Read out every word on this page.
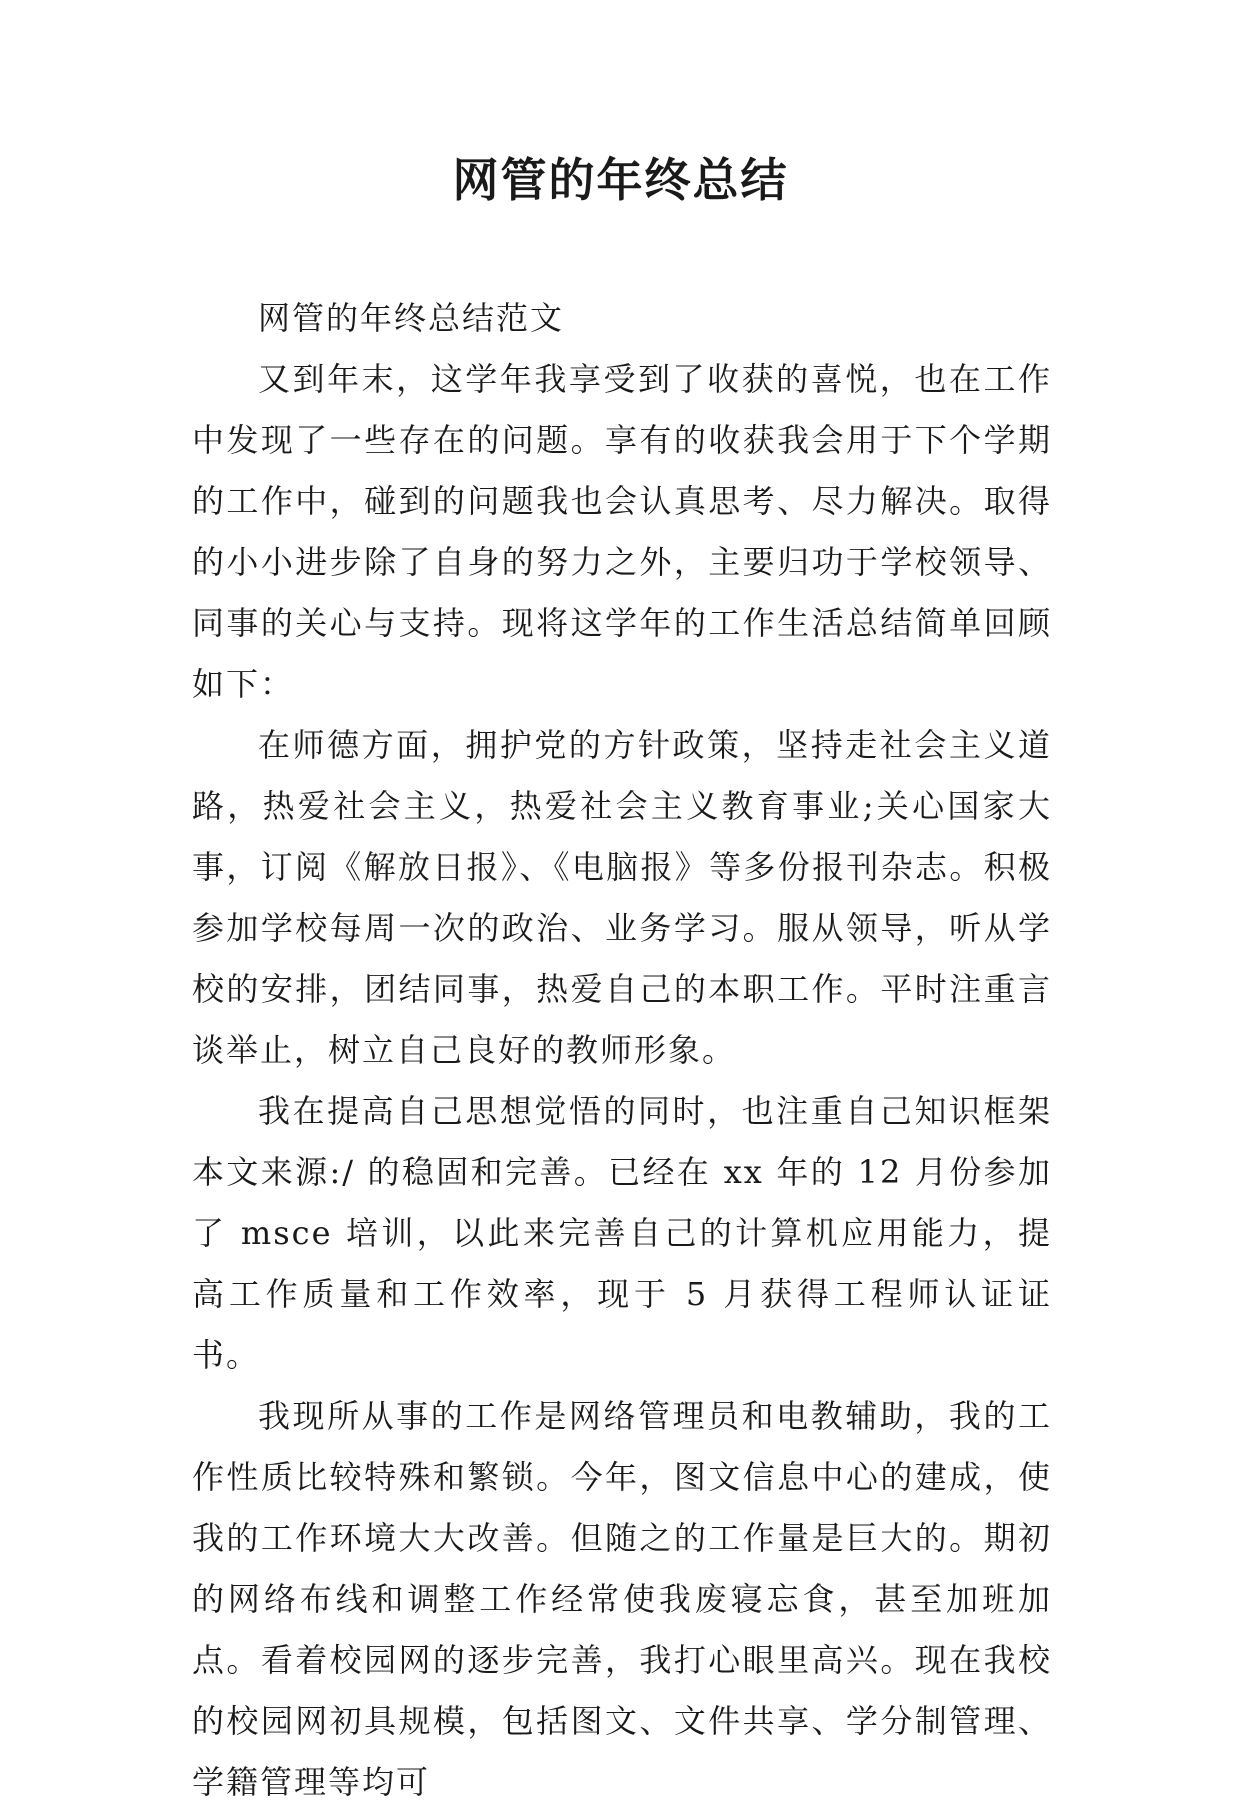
网管的年终总结

网管的年终总结范文

又到年末，这学年我享受到了收获的喜悦，也在工作中发现了一些存在的问题。享有的收获我会用于下个学期的工作中，碰到的问题我也会认真思考、尽力解决。取得的小小进步除了自身的努力之外，主要归功于学校领导、同事的关心与支持。现将这学年的工作生活总结简单回顾如下：

在师德方面，拥护党的方针政策，坚持走社会主义道路，热爱社会主义，热爱社会主义教育事业;关心国家大事，订阅《解放日报》、《电脑报》等多份报刊杂志。积极参加学校每周一次的政治、业务学习。服从领导，听从学校的安排，团结同事，热爱自己的本职工作。平时注重言谈举止，树立自己良好的教师形象。

我在提高自己思想觉悟的同时，也注重自己知识框架本文来源:/ 的稳固和完善。已经在 xx 年的 12 月份参加了 msce 培训，以此来完善自己的计算机应用能力，提高工作质量和工作效率，现于 5 月获得工程师认证证书。

我现所从事的工作是网络管理员和电教辅助，我的工作性质比较特殊和繁锁。今年，图文信息中心的建成，使我的工作环境大大改善。但随之的工作量是巨大的。期初的网络布线和调整工作经常使我废寝忘食，甚至加班加点。看着校园网的逐步完善，我打心眼里高兴。现在我校的校园网初具规模，包括图文、文件共享、学分制管理、学籍管理等均可
